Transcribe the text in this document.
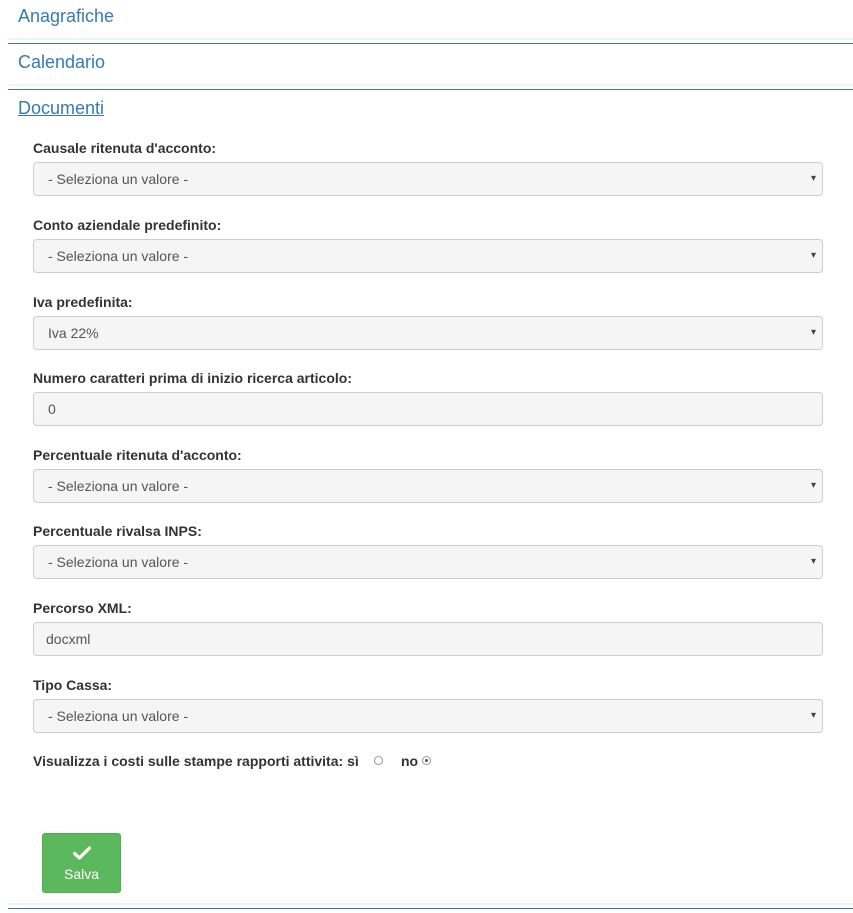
Anagrafiche
Calendario
Documenti
Causale ritenuta d'acconto:
- Seleziona un valore -	▾
Conto aziendale predefinito:
- Seleziona un valore -	▾
Iva predefinita:
Iva 22%	▾
Numero caratteri prima di inizio ricerca articolo:
0
Percentuale ritenuta d'acconto:
- Seleziona un valore -	▾
Percentuale rivalsa INPS:
- Seleziona un valore -	▾
Percorso XML:
docxml
Tipo Cassa:
- Seleziona un valore -	▾
Visualizza i costi sulle stampe rapporti attivita: sì	no
Salva
